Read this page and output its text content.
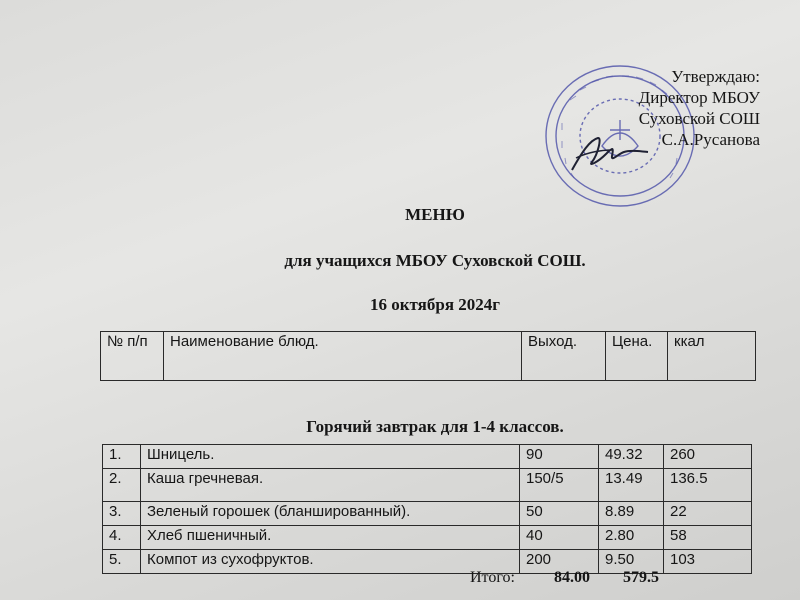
Утверждаю:
Директор МБОУ
Суховской СОШ
С.А.Русанова
МЕНЮ
для учащихся МБОУ Суховской СОШ.
16 октября 2024г
№ п/п	Наименование блюд.	Выход.	Цена.	ккал
Горячий завтрак для 1-4 классов.
1.	Шницель.	90	49.32	260
2.	Каша гречневая.	150/5	13.49	136.5
3.	Зеленый горошек (бланшированный).	50	8.89	22
4.	Хлеб пшеничный.	40	2.80	58
5.	Компот из сухофруктов.	200	9.50	103
Итого: 84.00 579.5
